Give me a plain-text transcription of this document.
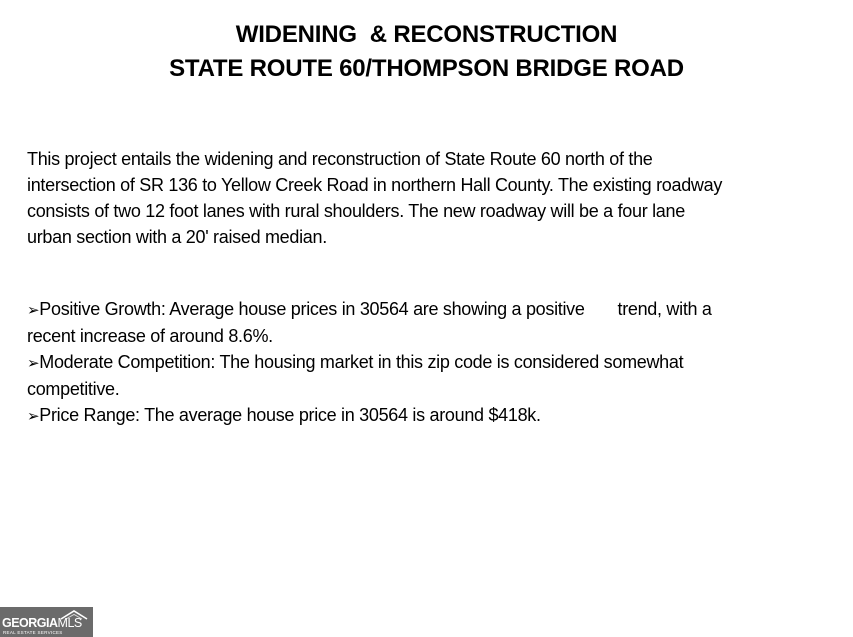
WIDENING  & RECONSTRUCTION
STATE ROUTE 60/THOMPSON BRIDGE ROAD
This project entails the widening and reconstruction of State Route 60 north of the
intersection of SR 136 to Yellow Creek Road in northern Hall County. The existing roadway
consists of two 12 foot lanes with rural shoulders. The new roadway will be a four lane
urban section with a 20' raised median.
➢Positive Growth: Average house prices in 30564 are showing a positive       trend, with a
recent increase of around 8.6%.
➢Moderate Competition: The housing market in this zip code is considered somewhat
competitive.
➢Price Range: The average house price in 30564 is around $418k.
GEORGIAMLS
REAL ESTATE SERVICES
